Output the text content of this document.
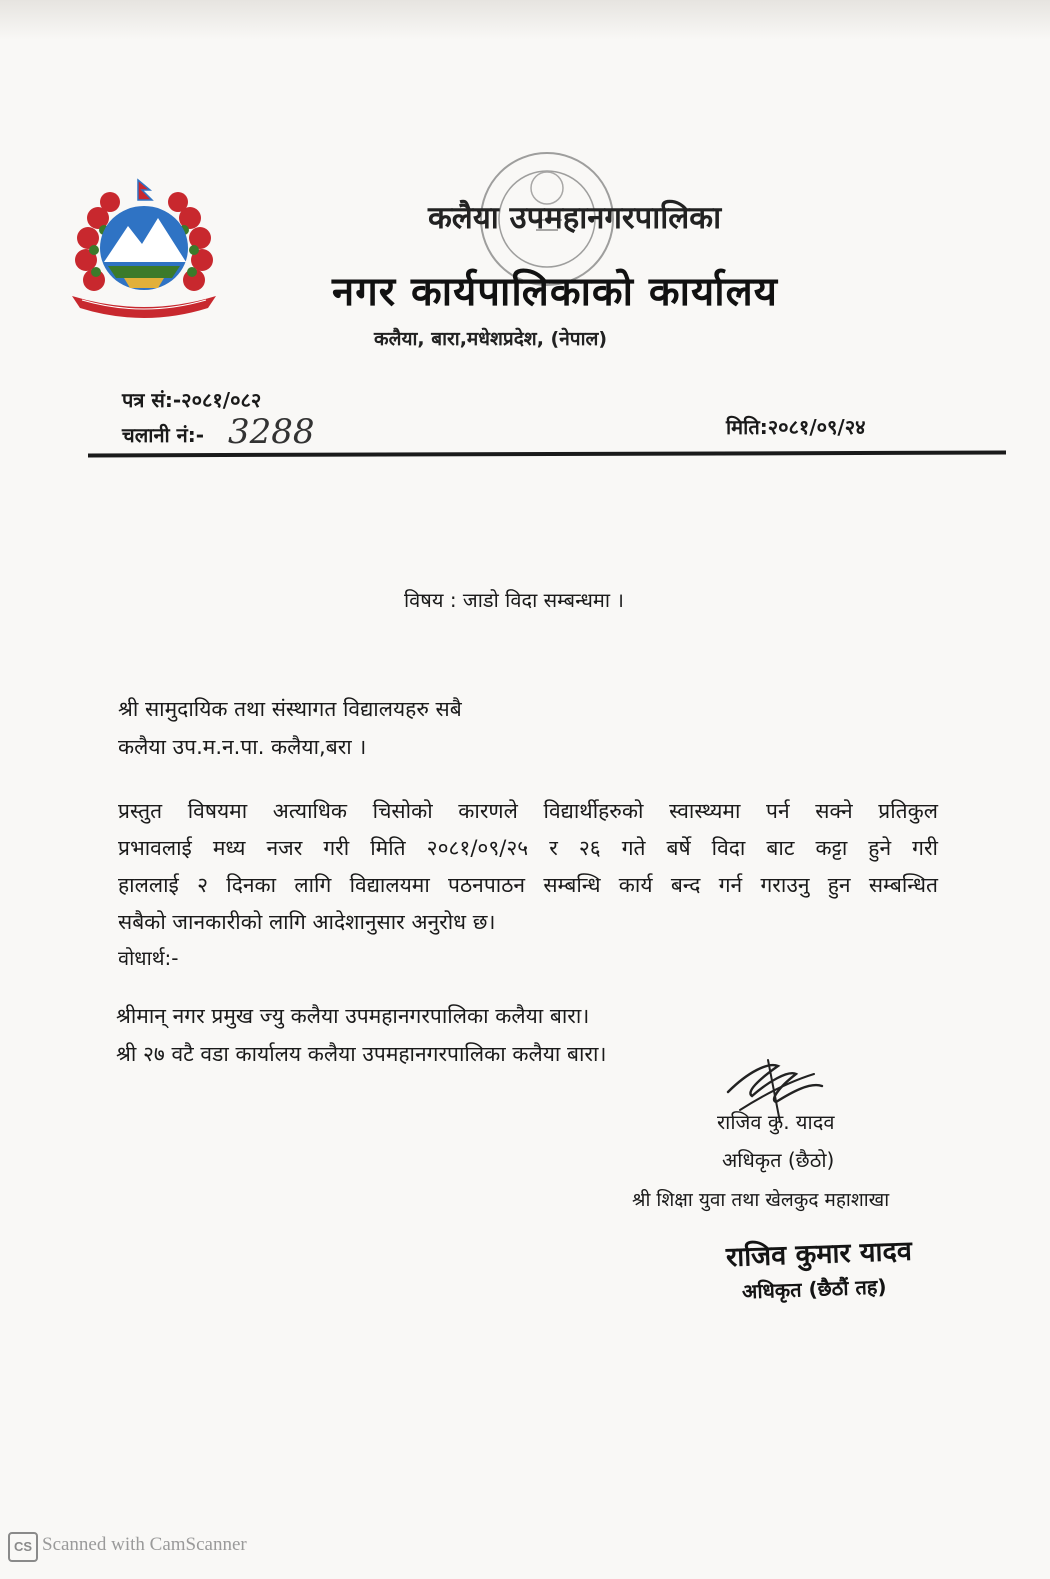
कलैया उपमहानगरपालिका
नगर कार्यपालिकाको कार्यालय
कलैया, बारा,मधेशप्रदेश, (नेपाल)
पत्र सं:-२०८१/०८२
चलानी नं:- 3288	मिति:२०८१/०९/२४
विषय : जाडो विदा सम्बन्धमा ।
श्री सामुदायिक तथा संस्थागत विद्यालयहरु सबै
कलैया उप.म.न.पा. कलैया,बरा ।
प्रस्तुत विषयमा अत्याधिक चिसोको कारणले विद्यार्थीहरुको स्वास्थ्यमा पर्न सक्ने प्रतिकुल
प्रभावलाई मध्य नजर गरी मिति २०८१/०९/२५ र २६ गते बर्षे विदा बाट कट्टा हुने गरी
हाललाई २ दिनका लागि विद्यालयमा पठनपाठन सम्बन्धि कार्य बन्द गर्न गराउनु हुन सम्बन्धित
सबैको जानकारीको लागि आदेशानुसार अनुरोध छ।
वोधार्थ:-
श्रीमान् नगर प्रमुख ज्यु कलैया उपमहानगरपालिका कलैया बारा।
श्री २७ वटै वडा कार्यालय कलैया उपमहानगरपालिका कलैया बारा।
राजिव कु. यादव
अधिकृत (छैठो)
श्री शिक्षा युवा तथा खेलकुद महाशाखा
राजिव कुमार यादव
अधिकृत (छैठौं तह)
CS Scanned with CamScanner
